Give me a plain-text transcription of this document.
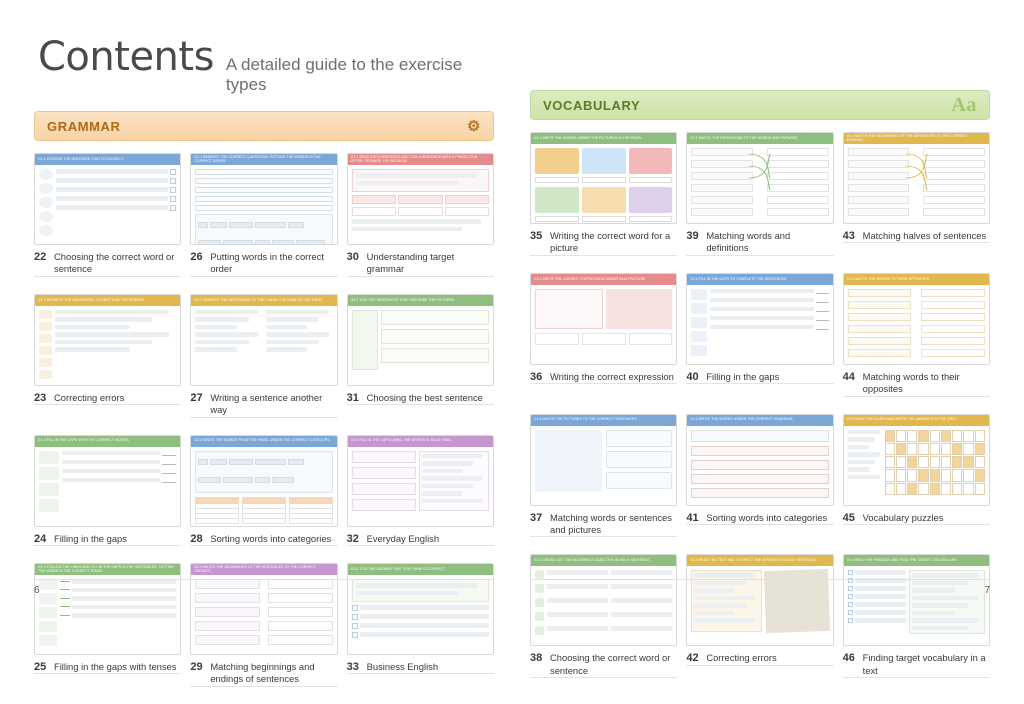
Contents A detailed guide to the exercise types
GRAMMAR	⚙
G1.1 CHOOSE THE SENTENCE THAT IS CORRECT.
22 Choosing the correct word or sentence
G2.1 REWRITE THE CORRECT QUESTIONS, PUTTING THE WORDS IN THE CORRECT ORDER.
26 Putting words in the correct order
G3.1 READ EACH SENTENCE AND TICK A SENTENCE WITH A PREDICTION OFFER, PROMISE, OR DECISION.
30 Understanding target grammar
G1.2 REWRITE THE SENTENCES, CORRECTING THE ERRORS.
23 Correcting errors
G2.2 REWRITE THE SENTENCES SO THEY MEAN THE SAME AS THE FIRST.
27 Writing a sentence another way
G3.2 TICK THE SENTENCES THAT DESCRIBE THE PICTURES.
31 Choosing the best sentence
G1.3 FILL IN THE GAPS WITH THE CORRECT WORDS.
24 Filling in the gaps
G2.3 WRITE THE WORDS FROM THE PANEL UNDER THE CORRECT CATEGORY.
28 Sorting words into categories
G3.3 FILL IN THE GAPS USING THE WORDS IN BOLD FINAL.
32 Everyday English
G1.4 FOLLOW THE LINES AND FILL IN THE GAPS IN THE SENTENCES, PUTTING THE VERBS IN THE CORRECT TENSE.
25 Filling in the gaps with tenses
G2.4 MATCH THE BEGINNINGS OF THE SENTENCES TO THE CORRECT ENDINGS.
29 Matching beginnings and endings of sentences
G3.4 TICK THE ANSWER THAT YOU THINK IS CORRECT.
33 Business English
6
VOCABULARY	Aa
V1.1 WRITE THE WORDS UNDER THE PICTURES IN THE PANEL.
35 Writing the correct word for a picture
V2.1 MATCH THE DEFINITIONS TO THE WORDS AND PHRASES.
39 Matching words and definitions
V3.1 MATCH THE BEGINNINGS OF THE SENTENCES TO THE CORRECT ENDINGS.
43 Matching halves of sentences
V1.2 WRITE THE CORRECT EXPRESSION UNDER EACH PICTURE.
36 Writing the correct expression
V2.2 FILL IN THE GAPS TO COMPLETE THE SENTENCES.
40 Filling in the gaps
V3.2 MATCH THE WORDS TO THEIR OPPOSITES.
44 Matching words to their opposites
V1.3 MATCH THE PICTURES TO THE CORRECT SENTENCES.
37 Matching words or sentences and pictures
V2.3 WRITE THE WORDS UNDER THE CORRECT HEADINGS.
41 Sorting words into categories
V3.3 READ THE CLUES AND WRITE THE ANSWERS IN THE GRID.
45 Vocabulary puzzles
V1.4 CROSS OUT THE INCORRECT ADJECTIVE IN EACH SENTENCE.
38 Choosing the correct word or sentence
V2.4 READ THE TEXT AND CORRECT THE MISTAKES IN EACH SENTENCE.
42 Correcting errors
V3.4 READ THE PASSAGE AND FIND THE TARGET VOCABULARY.
46 Finding target vocabulary in a text
7
